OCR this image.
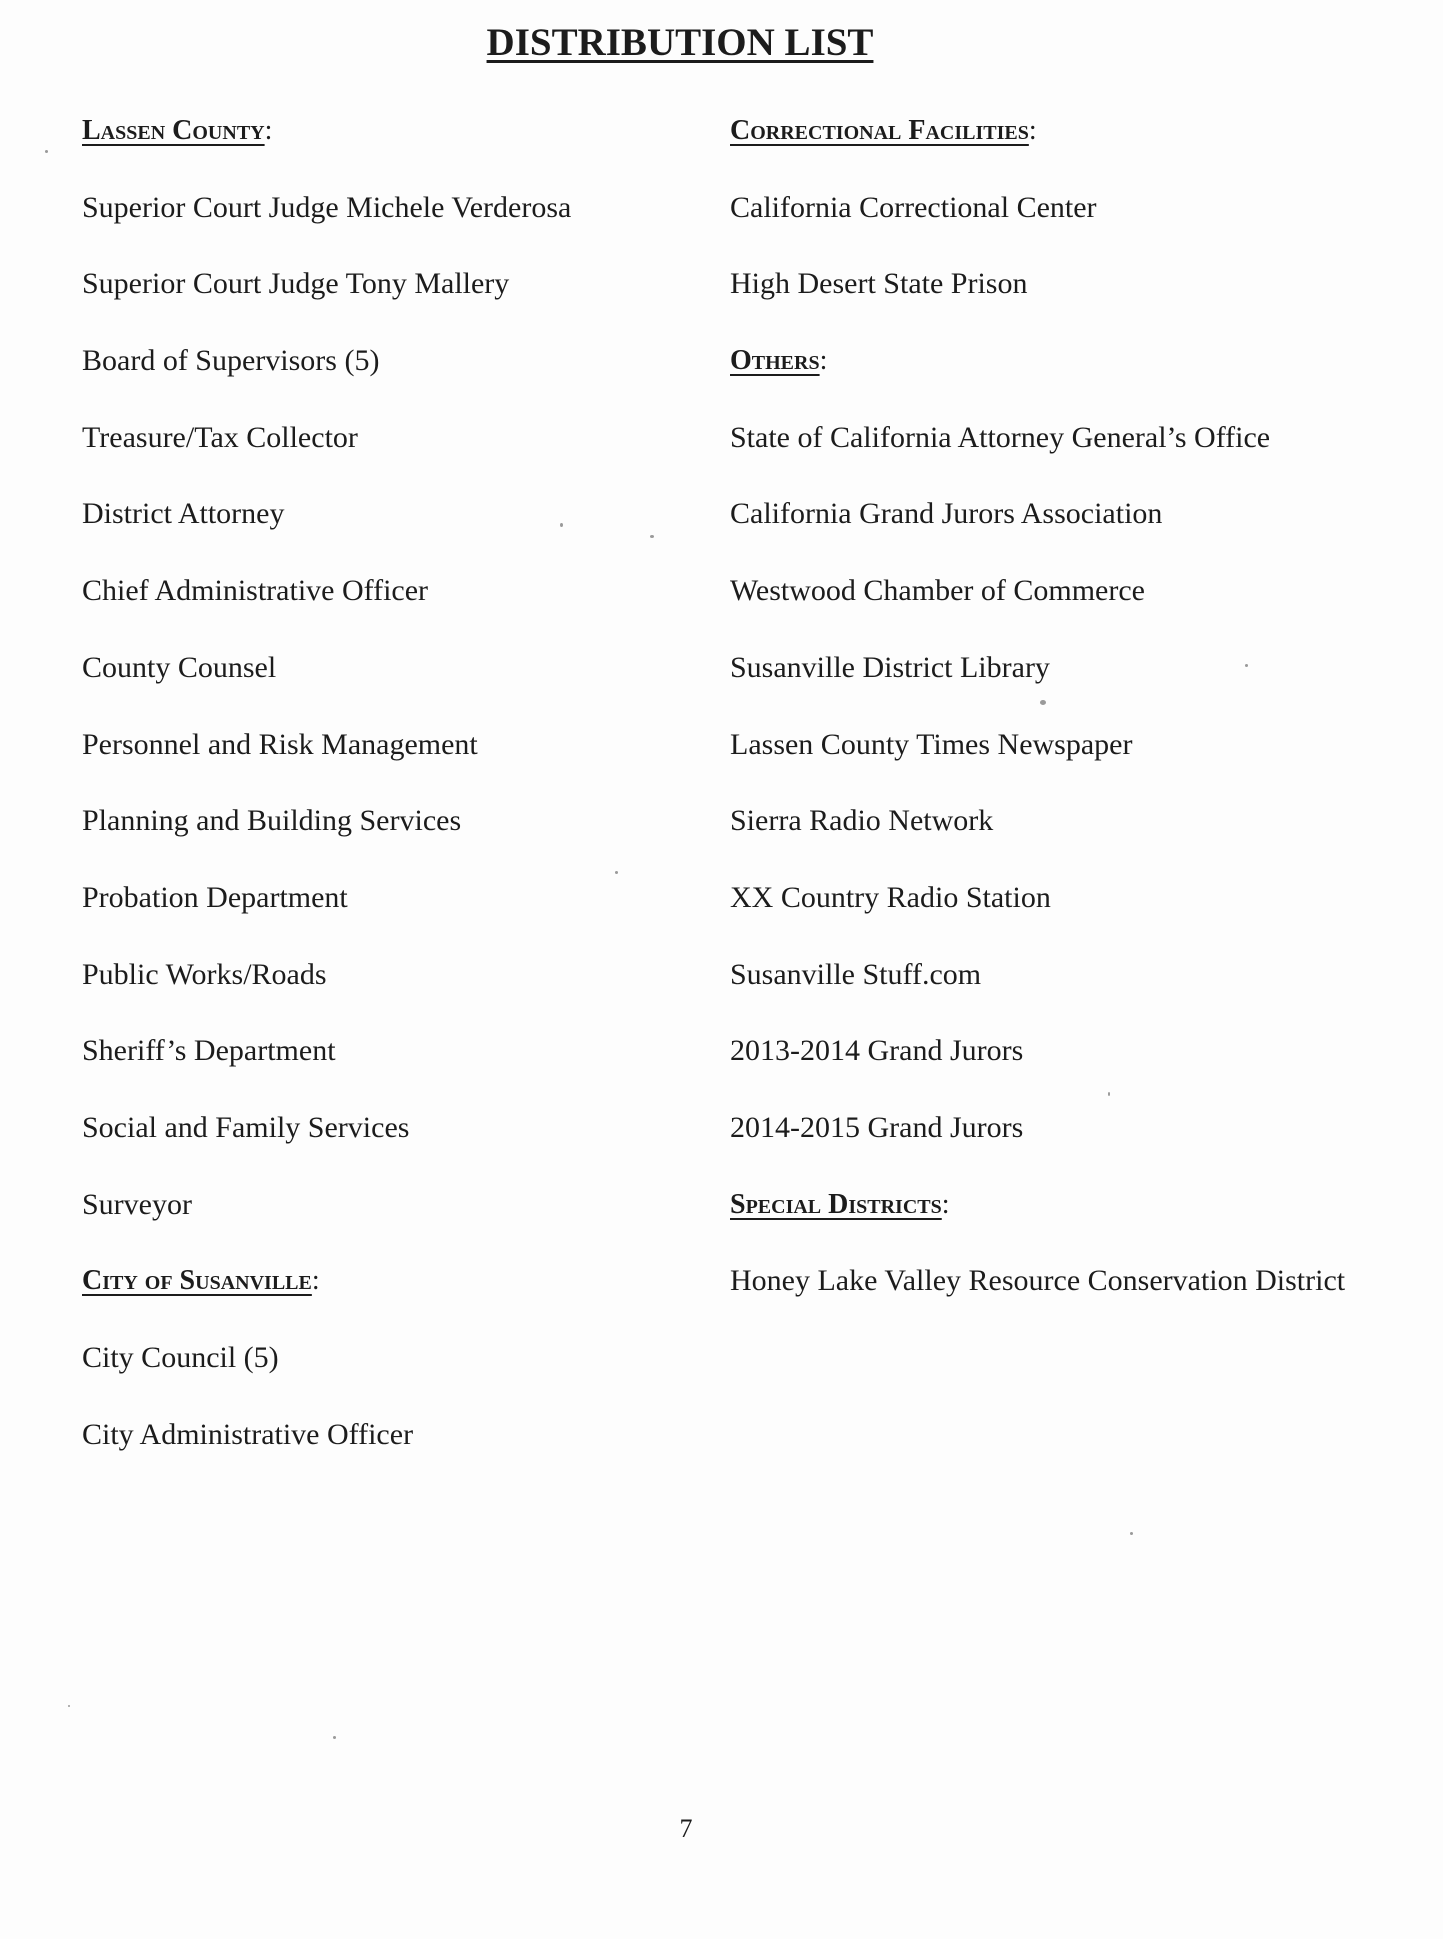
DISTRIBUTION LIST
Lassen County:
Superior Court Judge Michele Verderosa
Superior Court Judge Tony Mallery
Board of Supervisors (5)
Treasure/Tax Collector
District Attorney
Chief Administrative Officer
County Counsel
Personnel and Risk Management
Planning and Building Services
Probation Department
Public Works/Roads
Sheriff’s Department
Social and Family Services
Surveyor
City of Susanville:
City Council (5)
City Administrative Officer
Correctional Facilities:
California Correctional Center
High Desert State Prison
Others:
State of California Attorney General’s Office
California Grand Jurors Association
Westwood Chamber of Commerce
Susanville District Library
Lassen County Times Newspaper
Sierra Radio Network
XX Country Radio Station
Susanville Stuff.com
2013-2014 Grand Jurors
2014-2015 Grand Jurors
Special Districts:
Honey Lake Valley Resource Conservation District
7
